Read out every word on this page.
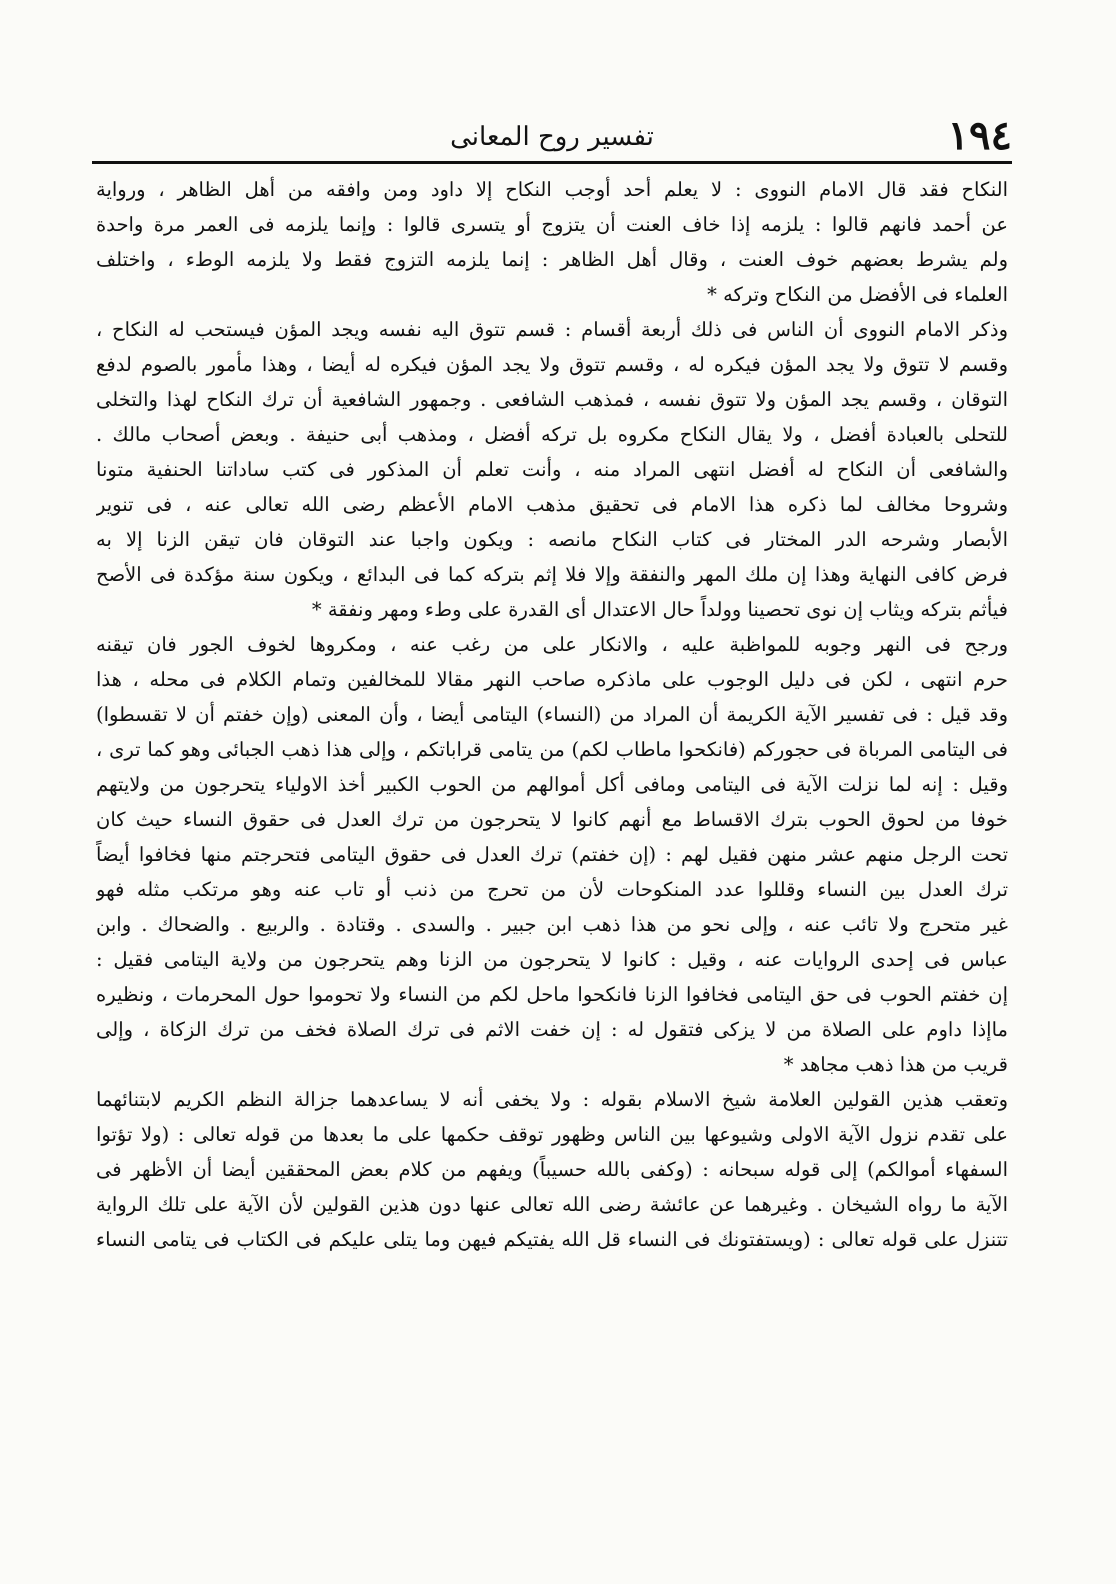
١٩٤
تفسير روح المعانى
النكاح فقد قال الامام النووى : لا يعلم أحد أوجب النكاح إلا داود ومن وافقه من أهل الظاهر ، ورواية
عن أحمد فانهم قالوا : يلزمه إذا خاف العنت أن يتزوج أو يتسرى قالوا : وإنما يلزمه فى العمر مرة واحدة
ولم يشرط بعضهم خوف العنت ، وقال أهل الظاهر : إنما يلزمه التزوج فقط ولا يلزمه الوطء ، واختلف
العلماء فى الأفضل من النكاح وتركه *
وذكر الامام النووى أن الناس فى ذلك أربعة أقسام : قسم تتوق اليه نفسه ويجد المؤن فيستحب له النكاح ،
وقسم لا تتوق ولا يجد المؤن فيكره له ، وقسم تتوق ولا يجد المؤن فيكره له أيضا ، وهذا مأمور بالصوم لدفع
التوقان ، وقسم يجد المؤن ولا تتوق نفسه ، فمذهب الشافعى . وجمهور الشافعية أن ترك النكاح لهذا والتخلى
للتحلى بالعبادة أفضل ، ولا يقال النكاح مكروه بل تركه أفضل ، ومذهب أبى حنيفة . وبعض أصحاب مالك .
والشافعى أن النكاح له أفضل انتهى المراد منه ، وأنت تعلم أن المذكور فى كتب ساداتنا الحنفية متونا
وشروحا مخالف لما ذكره هذا الامام فى تحقيق مذهب الامام الأعظم رضى الله تعالى عنه ، فى تنوير
الأبصار وشرحه الدر المختار فى كتاب النكاح مانصه : ويكون واجبا عند التوقان فان تيقن الزنا إلا به
فرض كافى النهاية وهذا إن ملك المهر والنفقة وإلا فلا إثم بتركه كما فى البدائع ، ويكون سنة مؤكدة فى الأصح
فيأثم بتركه ويثاب إن نوى تحصينا وولداً حال الاعتدال أى القدرة على وطء ومهر ونفقة *
ورجح فى النهر وجوبه للمواظبة عليه ، والانكار على من رغب عنه ، ومكروها لخوف الجور فان تيقنه
حرم انتهى ، لكن فى دليل الوجوب على ماذكره صاحب النهر مقالا للمخالفين وتمام الكلام فى محله ، هذا
وقد قيل : فى تفسير الآية الكريمة أن المراد من (النساء) اليتامى أيضا ، وأن المعنى (وإن خفتم أن لا تقسطوا)
فى اليتامى المرباة فى حجوركم (فانكحوا ماطاب لكم) من يتامى قراباتكم ، وإلى هذا ذهب الجبائى وهو كما ترى ،
وقيل : إنه لما نزلت الآية فى اليتامى ومافى أكل أموالهم من الحوب الكبير أخذ الاولياء يتحرجون من ولايتهم
خوفا من لحوق الحوب بترك الاقساط مع أنهم كانوا لا يتحرجون من ترك العدل فى حقوق النساء حيث كان
تحت الرجل منهم عشر منهن فقيل لهم : (إن خفتم) ترك العدل فى حقوق اليتامى فتحرجتم منها فخافوا أيضاً
ترك العدل بين النساء وقللوا عدد المنكوحات لأن من تحرج من ذنب أو تاب عنه وهو مرتكب مثله فهو
غير متحرج ولا تائب عنه ، وإلى نحو من هذا ذهب ابن جبير . والسدى . وقتادة . والربيع . والضحاك . وابن
عباس فى إحدى الروايات عنه ، وقيل : كانوا لا يتحرجون من الزنا وهم يتحرجون من ولاية اليتامى فقيل :
إن خفتم الحوب فى حق اليتامى فخافوا الزنا فانكحوا ماحل لكم من النساء ولا تحوموا حول المحرمات ، ونظيره
ماإذا داوم على الصلاة من لا يزكى فتقول له : إن خفت الاثم فى ترك الصلاة فخف من ترك الزكاة ، وإلى
قريب من هذا ذهب مجاهد *
وتعقب هذين القولين العلامة شيخ الاسلام بقوله : ولا يخفى أنه لا يساعدهما جزالة النظم الكريم لابتنائهما
على تقدم نزول الآية الاولى وشيوعها بين الناس وظهور توقف حكمها على ما بعدها من قوله تعالى : (ولا تؤتوا
السفهاء أموالكم) إلى قوله سبحانه : (وكفى بالله حسيباً) ويفهم من كلام بعض المحققين أيضا أن الأظهر فى
الآية ما رواه الشيخان . وغيرهما عن عائشة رضى الله تعالى عنها دون هذين القولين لأن الآية على تلك الرواية
تتنزل على قوله تعالى : (ويستفتونك فى النساء قل الله يفتيكم فيهن وما يتلى عليكم فى الكتاب فى يتامى النساء
